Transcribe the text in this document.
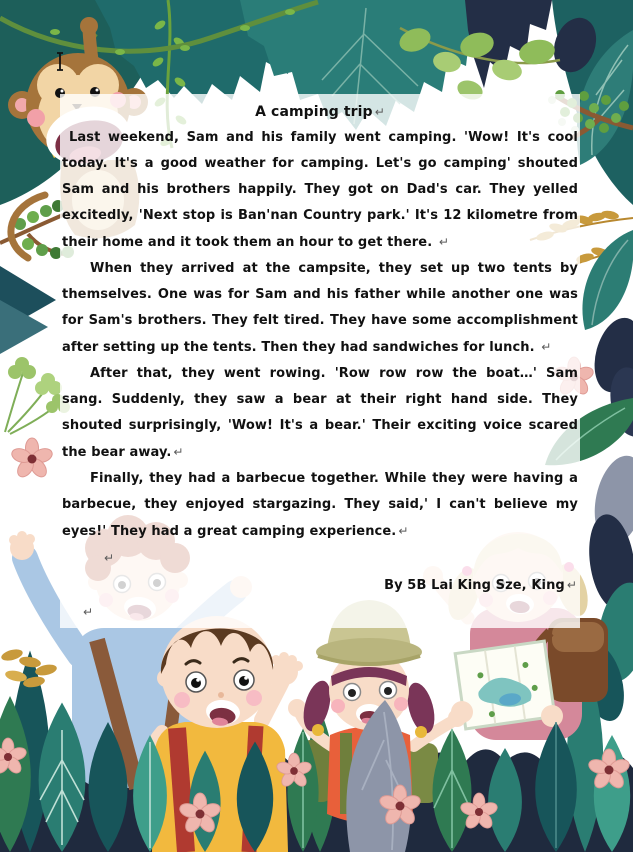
A camping trip ↵

Last weekend, Sam and his family went camping. 'Wow! It's cool today. It's a good weather for camping. Let's go camping' shouted Sam and his brothers happily. They got on Dad's car. They yelled excitedly, 'Next stop is Ban'nan Country park.' It's 12 kilometre from their home and it took them an hour to get there. ↵

When they arrived at the campsite, they set up two tents by themselves. One was for Sam and his father while another one was for Sam's brothers. They felt tired. They have some accomplishment after setting up the tents. Then they had sandwiches for lunch. ↵

After that, they went rowing. 'Row row row the boat…' Sam sang. Suddenly, they saw a bear at their right hand side. They shouted surprisingly, 'Wow! It's a bear.' Their exciting voice scared the bear away. ↵

Finally, they had a barbecue together. While they were having a barbecue, they enjoyed stargazing. They said,' I can't believe my eyes!' They had a great camping experience. ↵

↵

By 5B Lai King Sze, King ↵

↵
